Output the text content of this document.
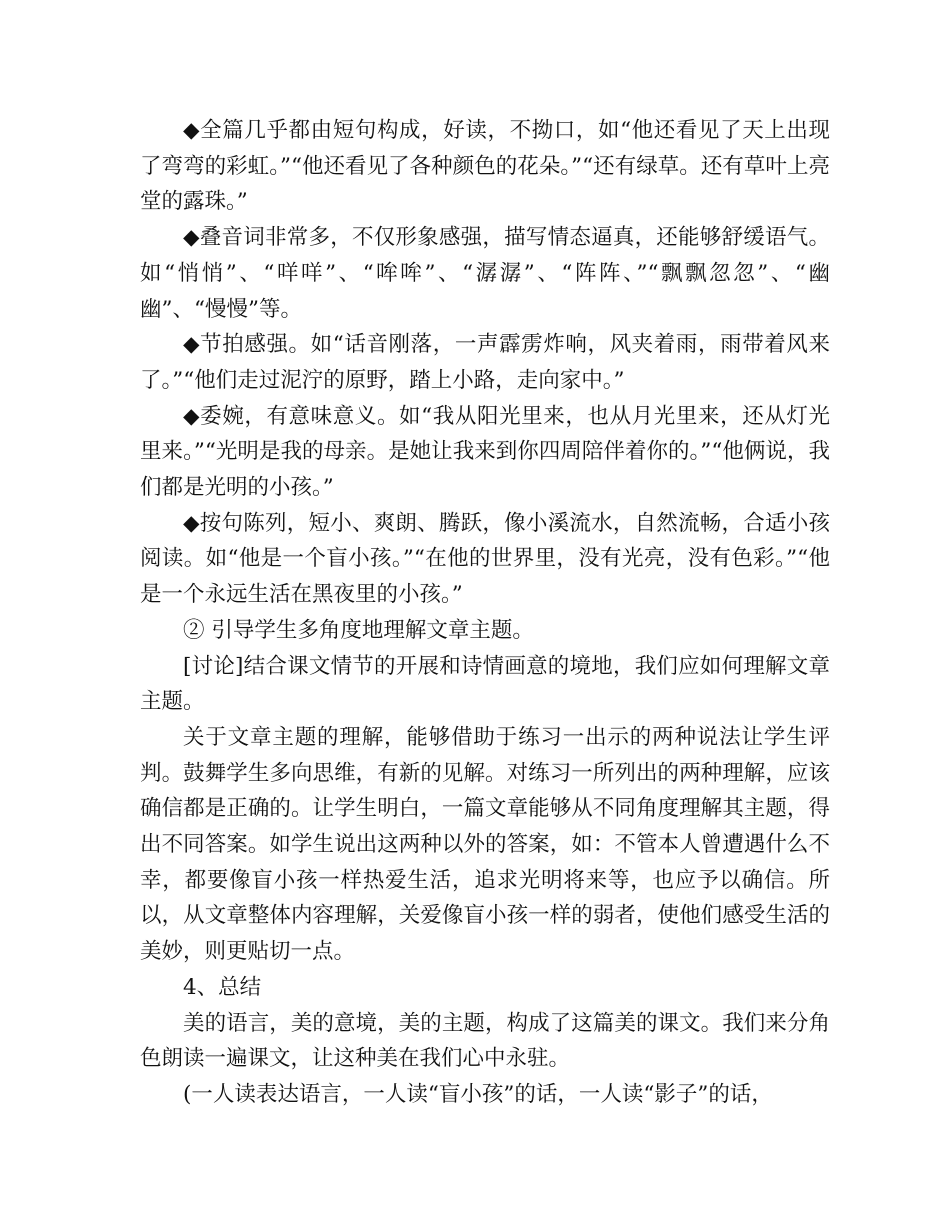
◆全篇几乎都由短句构成，好读，不拗口，如“他还看见了天上出现了弯弯的彩虹。”“他还看见了各种颜色的花朵。”“还有绿草。还有草叶上亮堂的露珠。”

◆叠音词非常多，不仅形象感强，描写情态逼真，还能够舒缓语气。如“悄悄”、“咩咩”、“哞哞”、“潺潺”、“阵阵、”“飘飘忽忽”、“幽幽”、“慢慢”等。

◆节拍感强。如“话音刚落，一声霹雳炸响，风夹着雨，雨带着风来了。”“他们走过泥泞的原野，踏上小路，走向家中。”

◆委婉，有意味意义。如“我从阳光里来，也从月光里来，还从灯光里来。”“光明是我的母亲。是她让我来到你四周陪伴着你的。”“他俩说，我们都是光明的小孩。”

◆按句陈列，短小、爽朗、腾跃，像小溪流水，自然流畅，合适小孩阅读。如“他是一个盲小孩。”“在他的世界里，没有光亮，没有色彩。”“他是一个永远生活在黑夜里的小孩。”

② 引导学生多角度地理解文章主题。

[讨论]结合课文情节的开展和诗情画意的境地，我们应如何理解文章主题。

关于文章主题的理解，能够借助于练习一出示的两种说法让学生评判。鼓舞学生多向思维，有新的见解。对练习一所列出的两种理解，应该确信都是正确的。让学生明白，一篇文章能够从不同角度理解其主题，得出不同答案。如学生说出这两种以外的答案，如：不管本人曾遭遇什么不幸，都要像盲小孩一样热爱生活，追求光明将来等，也应予以确信。所以，从文章整体内容理解，关爱像盲小孩一样的弱者，使他们感受生活的美妙，则更贴切一点。

4、总结

美的语言，美的意境，美的主题，构成了这篇美的课文。我们来分角色朗读一遍课文，让这种美在我们心中永驻。

(一人读表达语言，一人读“盲小孩”的话，一人读“影子”的话，
